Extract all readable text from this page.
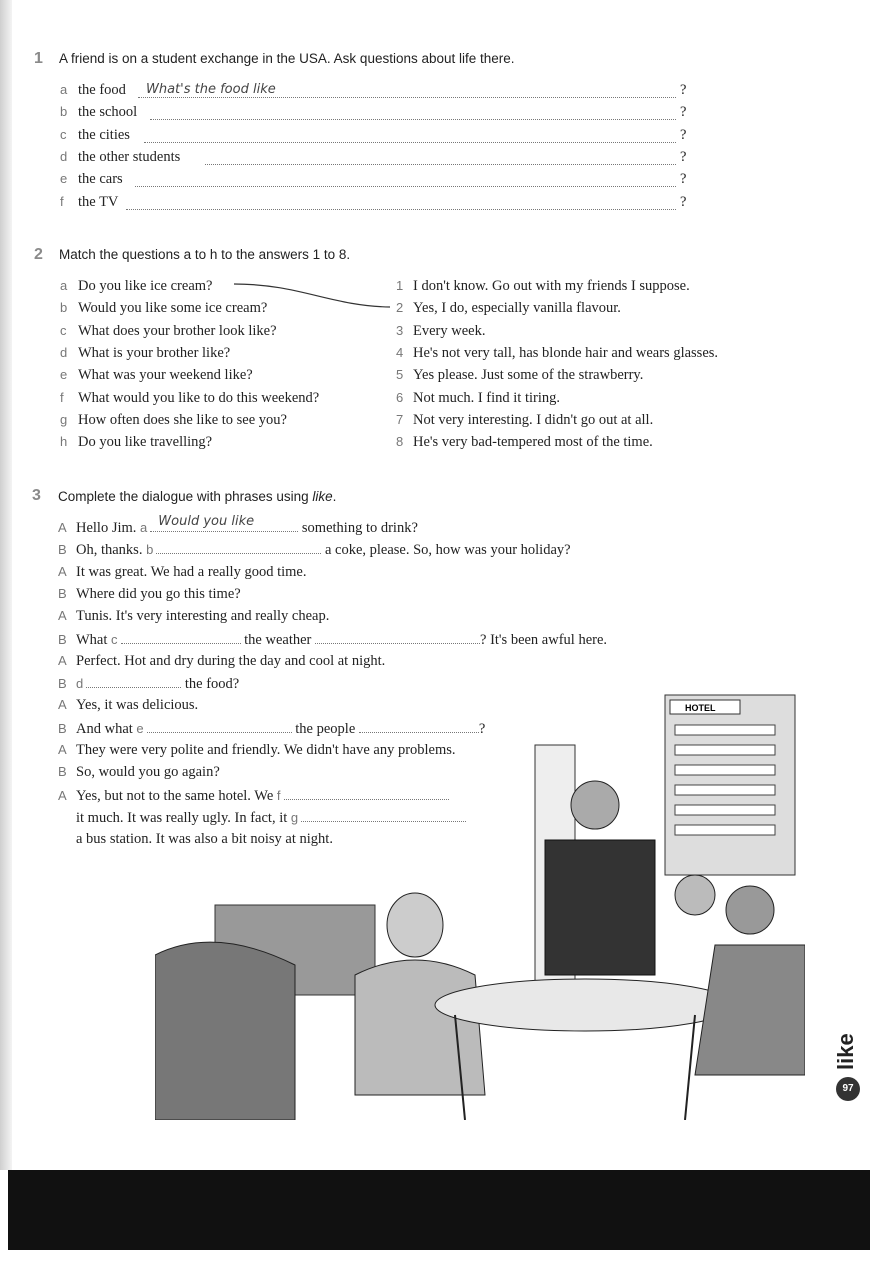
1 A friend is on a student exchange in the USA. Ask questions about life there.
a the food	What's the food like	?
b the school	?
c the cities	?
d the other students	?
e the cars	?
f the TV	?
2 Match the questions a to h to the answers 1 to 8.
a Do you like ice cream?	1 I don't know. Go out with my friends I suppose.
b Would you like some ice cream?	2 Yes, I do, especially vanilla flavour.
c What does your brother look like?	3 Every week.
d What is your brother like?	4 He's not very tall, has blonde hair and wears glasses.
e What was your weekend like?	5 Yes please. Just some of the strawberry.
f What would you like to do this weekend?	6 Not much. I find it tiring.
g How often does she like to see you?	7 Not very interesting. I didn't go out at all.
h Do you like travelling?	8 He's very bad-tempered most of the time.
3 Complete the dialogue with phrases using like.
A Hello Jim. a Would you like	something to drink?
B Oh, thanks. b	a coke, please. So, how was your holiday?
A It was great. We had a really good time.
B Where did you go this time?
A Tunis. It's very interesting and really cheap.
B What c	the weather	? It's been awful here.
A Perfect. Hot and dry during the day and cool at night.
B d	the food?
A Yes, it was delicious.
B And what e	the people	?
A They were very polite and friendly. We didn't have any problems.
B So, would you go again?
A Yes, but not to the same hotel. We f
it much. It was really ugly. In fact, it g
a bus station. It was also a bit noisy at night.
HOTEL
like
97
